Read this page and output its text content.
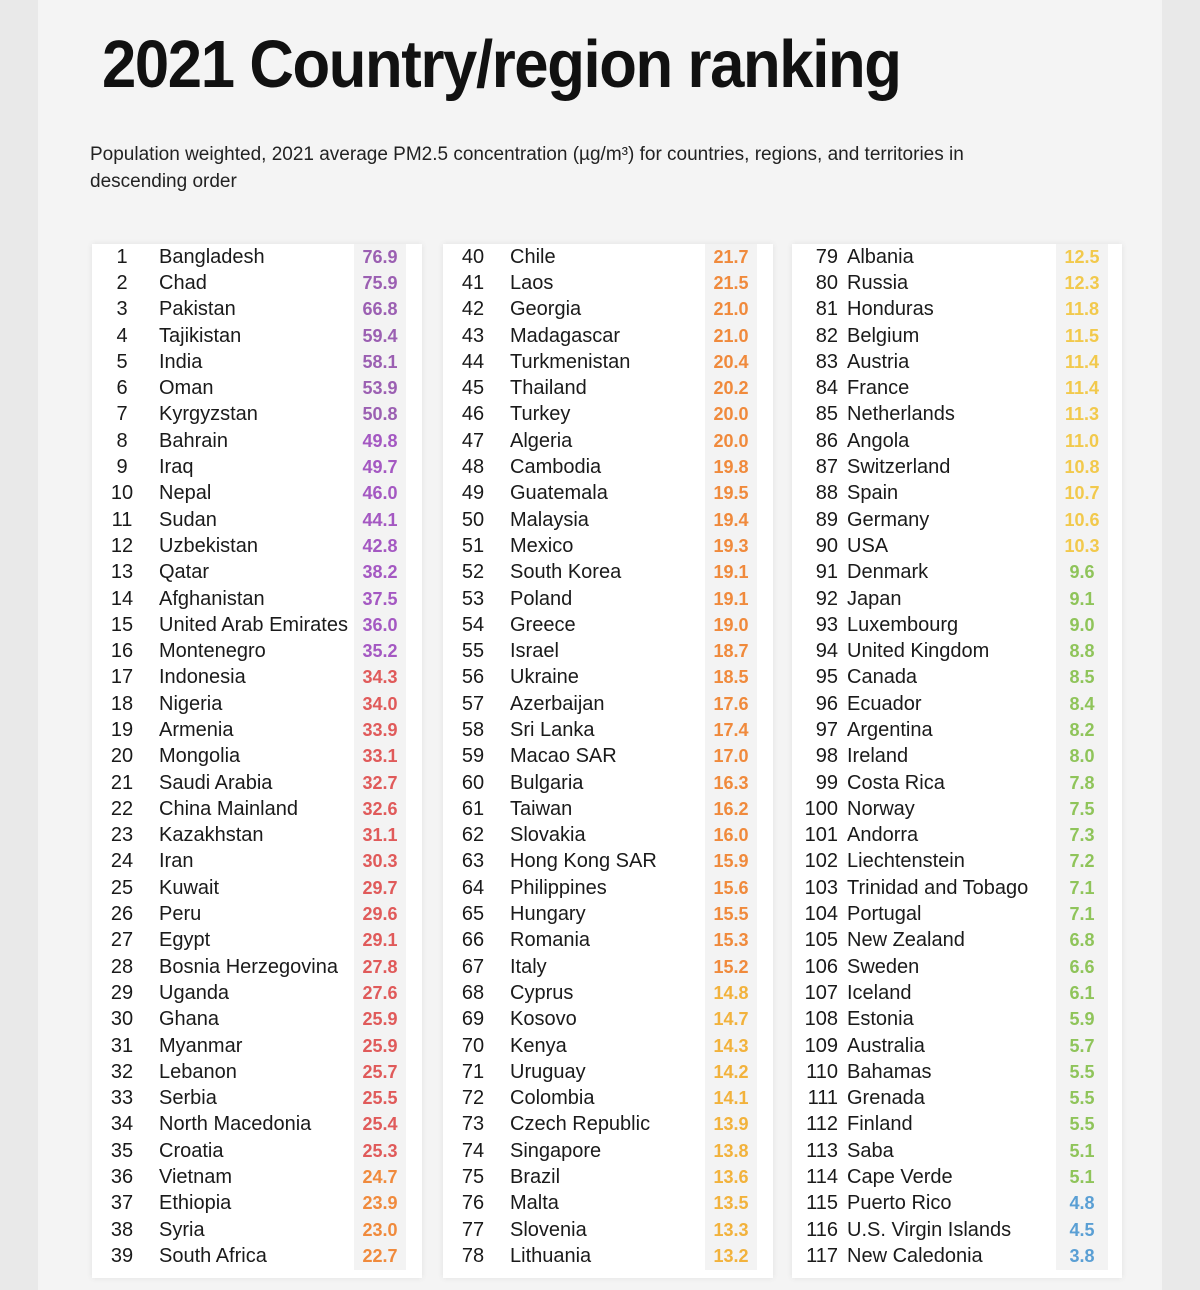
2021 Country/region ranking
Population weighted, 2021 average PM2.5 concentration (µg/m³) for countries, regions, and territories in descending order
1	Bangladesh	76.9
2	Chad	75.9
3	Pakistan	66.8
4	Tajikistan	59.4
5	India	58.1
6	Oman	53.9
7	Kyrgyzstan	50.8
8	Bahrain	49.8
9	Iraq	49.7
10	Nepal	46.0
11	Sudan	44.1
12	Uzbekistan	42.8
13	Qatar	38.2
14	Afghanistan	37.5
15	United Arab Emirates 36.0
16	Montenegro	35.2
17	Indonesia	34.3
18	Nigeria	34.0
19	Armenia	33.9
20	Mongolia	33.1
21	Saudi Arabia	32.7
22	China Mainland	32.6
23	Kazakhstan	31.1
24	Iran	30.3
25	Kuwait	29.7
26	Peru	29.6
27	Egypt	29.1
28	Bosnia Herzegovina	27.8
29	Uganda	27.6
30	Ghana	25.9
31	Myanmar	25.9
32	Lebanon	25.7
33	Serbia	25.5
34	North Macedonia	25.4
35	Croatia	25.3
36	Vietnam	24.7
37	Ethiopia	23.9
38	Syria	23.0
39	South Africa	22.7
40	Chile	21.7
41	Laos	21.5
42	Georgia	21.0
43	Madagascar	21.0
44	Turkmenistan	20.4
45	Thailand	20.2
46	Turkey	20.0
47	Algeria	20.0
48	Cambodia	19.8
49	Guatemala	19.5
50	Malaysia	19.4
51	Mexico	19.3
52	South Korea	19.1
53	Poland	19.1
54	Greece	19.0
55	Israel	18.7
56	Ukraine	18.5
57	Azerbaijan	17.6
58	Sri Lanka	17.4
59	Macao SAR	17.0
60	Bulgaria	16.3
61	Taiwan	16.2
62	Slovakia	16.0
63	Hong Kong SAR	15.9
64	Philippines	15.6
65	Hungary	15.5
66	Romania	15.3
67	Italy	15.2
68	Cyprus	14.8
69	Kosovo	14.7
70	Kenya	14.3
71	Uruguay	14.2
72	Colombia	14.1
73	Czech Republic	13.9
74	Singapore	13.8
75	Brazil	13.6
76	Malta	13.5
77	Slovenia	13.3
78	Lithuania	13.2
79 Albania	12.5
80 Russia	12.3
81 Honduras	11.8
82 Belgium	11.5
83 Austria	11.4
84 France	11.4
85 Netherlands	11.3
86 Angola	11.0
87 Switzerland	10.8
88 Spain	10.7
89 Germany	10.6
90 USA	10.3
91 Denmark	9.6
92 Japan	9.1
93 Luxembourg	9.0
94 United Kingdom	8.8
95 Canada	8.5
96 Ecuador	8.4
97 Argentina	8.2
98 Ireland	8.0
99 Costa Rica	7.8
100 Norway	7.5
101 Andorra	7.3
102 Liechtenstein	7.2
103 Trinidad and Tobago	7.1
104 Portugal	7.1
105 New Zealand	6.8
106 Sweden	6.6
107 Iceland	6.1
108 Estonia	5.9
109 Australia	5.7
110 Bahamas	5.5
111 Grenada	5.5
112 Finland	5.5
113 Saba	5.1
114 Cape Verde	5.1
115 Puerto Rico	4.8
116 U.S. Virgin Islands	4.5
117 New Caledonia	3.8
